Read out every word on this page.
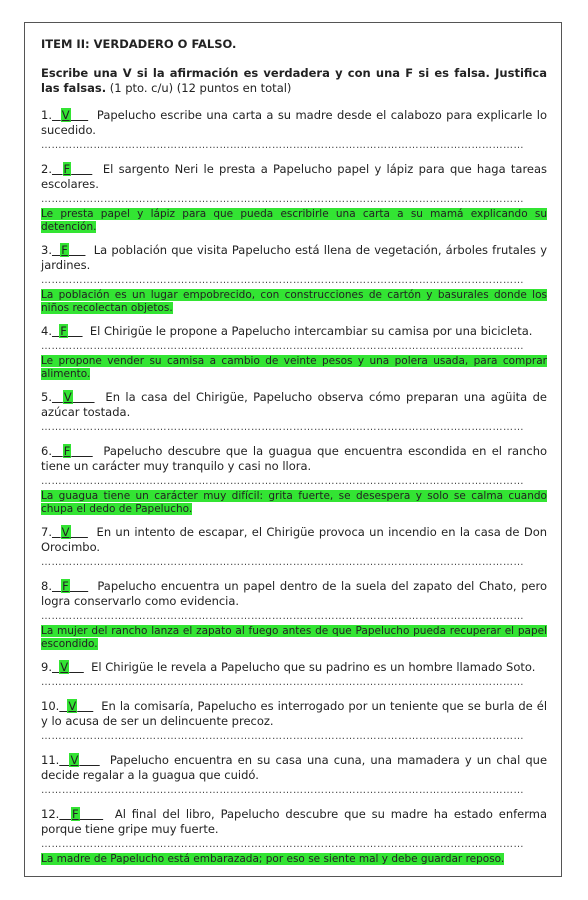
ITEM II: VERDADERO O FALSO.

Escribe una V si la afirmación es verdadera y con una F si es falsa. Justifica las falsas. (1 pto. c/u) (12 puntos en total)

1. V Papelucho escribe una carta a su madre desde el calabozo para explicarle lo sucedido.

…………………………………………………………………………………………………………………………

2. F	El sargento Neri le presta a Papelucho papel y lápiz para que haga tareas escolares.

…………………………………………………………………………………………………………………………
Le presta papel y lápiz para que pueda escribirle una carta a su mamá explicando su detención.

3. F La población que visita Papelucho está llena de vegetación, árboles frutales y jardines.

…………………………………………………………………………………………………………………………
La población es un lugar empobrecido, con construcciones de cartón y basurales donde los niños recolectan objetos.

4. F El Chirigüe le propone a Papelucho intercambiar su camisa por una bicicleta.

…………………………………………………………………………………………………………………………
Le propone vender su camisa a cambio de veinte pesos y una polera usada, para comprar alimento.

5. V	En la casa del Chirigüe, Papelucho observa cómo preparan una agüita de azúcar tostada.

…………………………………………………………………………………………………………………………

6. F	Papelucho descubre que la guagua que encuentra escondida en el rancho tiene un carácter muy tranquilo y casi no llora.

…………………………………………………………………………………………………………………………
La guagua tiene un carácter muy difícil: grita fuerte, se desespera y solo se calma cuando chupa el dedo de Papelucho.

7. V En un intento de escapar, el Chirigüe provoca un incendio en la casa de Don Orocimbo.

…………………………………………………………………………………………………………………………

8. F Papelucho encuentra un papel dentro de la suela del zapato del Chato, pero logra conservarlo como evidencia.

…………………………………………………………………………………………………………………………
La mujer del rancho lanza el zapato al fuego antes de que Papelucho pueda recuperar el papel escondido.

9. V El Chirigüe le revela a Papelucho que su padrino es un hombre llamado Soto.

…………………………………………………………………………………………………………………………

10. V En la comisaría, Papelucho es interrogado por un teniente que se burla de él y lo acusa de ser un delincuente precoz.

…………………………………………………………………………………………………………………………

11. V	Papelucho encuentra en su casa una cuna, una mamadera y un chal que decide regalar a la guagua que cuidó.

…………………………………………………………………………………………………………………………

12. F	Al final del libro, Papelucho descubre que su madre ha estado enferma porque tiene gripe muy fuerte.

…………………………………………………………………………………………………………………………
La madre de Papelucho está embarazada; por eso se siente mal y debe guardar reposo.
